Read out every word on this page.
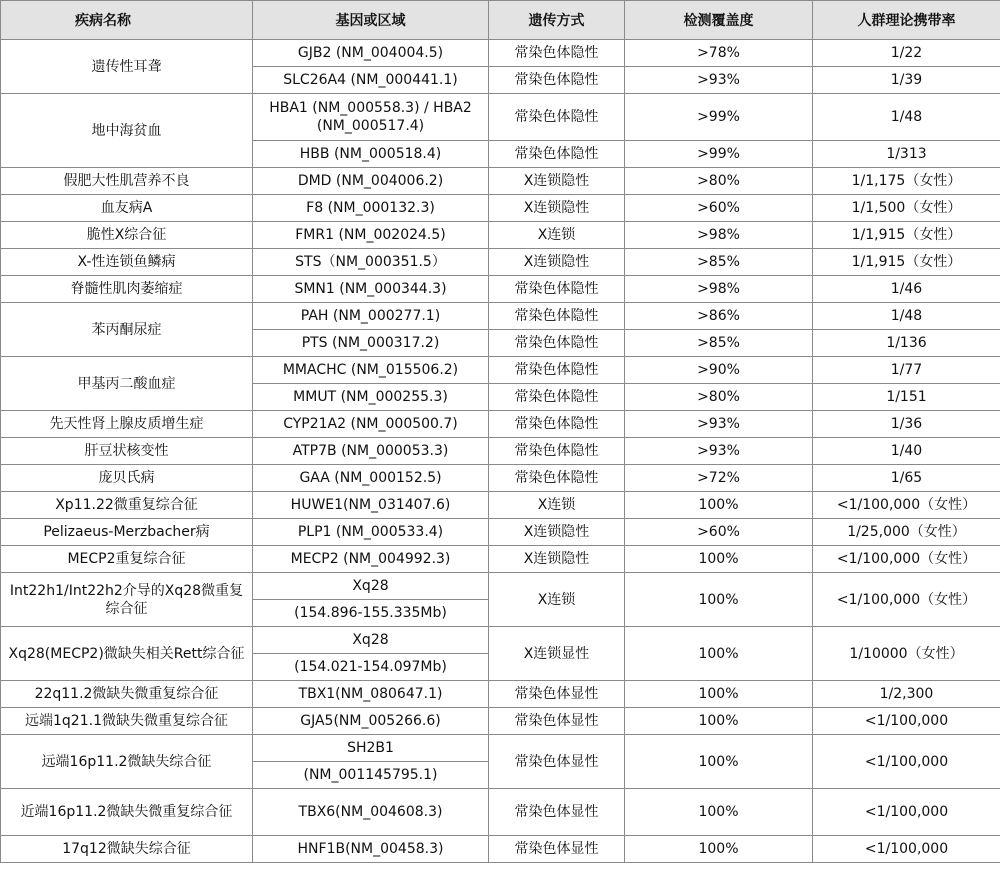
疾病名称	基因或区域	遗传方式	检测覆盖度	人群理论携带率
遗传性耳聋	GJB2 (NM_004004.5)	常染色体隐性	>78%	1/22
	SLC26A4 (NM_000441.1)	常染色体隐性	>93%	1/39
地中海贫血	HBA1 (NM_000558.3) / HBA2 (NM_000517.4)	常染色体隐性	>99%	1/48
	HBB (NM_000518.4)	常染色体隐性	>99%	1/313
假肥大性肌营养不良	DMD (NM_004006.2)	X连锁隐性	>80%	1/1,175（女性）
血友病A	F8 (NM_000132.3)	X连锁隐性	>60%	1/1,500（女性）
脆性X综合征	FMR1 (NM_002024.5)	X连锁	>98%	1/1,915（女性）
X-性连锁鱼鳞病	STS（NM_000351.5）	X连锁隐性	>85%	1/1,915（女性）
脊髓性肌肉萎缩症	SMN1 (NM_000344.3)	常染色体隐性	>98%	1/46
苯丙酮尿症	PAH (NM_000277.1)	常染色体隐性	>86%	1/48
	PTS (NM_000317.2)	常染色体隐性	>85%	1/136
甲基丙二酸血症	MMACHC (NM_015506.2)	常染色体隐性	>90%	1/77
	MMUT (NM_000255.3)	常染色体隐性	>80%	1/151
先天性肾上腺皮质增生症	CYP21A2 (NM_000500.7)	常染色体隐性	>93%	1/36
肝豆状核变性	ATP7B (NM_000053.3)	常染色体隐性	>93%	1/40
庞贝氏病	GAA (NM_000152.5)	常染色体隐性	>72%	1/65
Xp11.22微重复综合征	HUWE1(NM_031407.6)	X连锁	100%	<1/100,000（女性）
Pelizaeus-Merzbacher病	PLP1 (NM_000533.4)	X连锁隐性	>60%	1/25,000（女性）
MECP2重复综合征	MECP2 (NM_004992.3)	X连锁隐性	100%	<1/100,000（女性）
Int22h1/Int22h2介导的Xq28微重复综合征	Xq28	X连锁	100%	<1/100,000（女性）
	(154.896-155.335Mb)			
Xq28(MECP2)微缺失相关Rett综合征	Xq28	X连锁显性	100%	1/10000（女性）
	(154.021-154.097Mb)			
22q11.2微缺失微重复综合征	TBX1(NM_080647.1)	常染色体显性	100%	1/2,300
远端1q21.1微缺失微重复综合征	GJA5(NM_005266.6)	常染色体显性	100%	<1/100,000
远端16p11.2微缺失综合征	SH2B1	常染色体显性	100%	<1/100,000
	(NM_001145795.1)			
近端16p11.2微缺失微重复综合征	TBX6(NM_004608.3)	常染色体显性	100%	<1/100,000
17q12微缺失综合征	HNF1B(NM_00458.3)	常染色体显性	100%	<1/100,000
